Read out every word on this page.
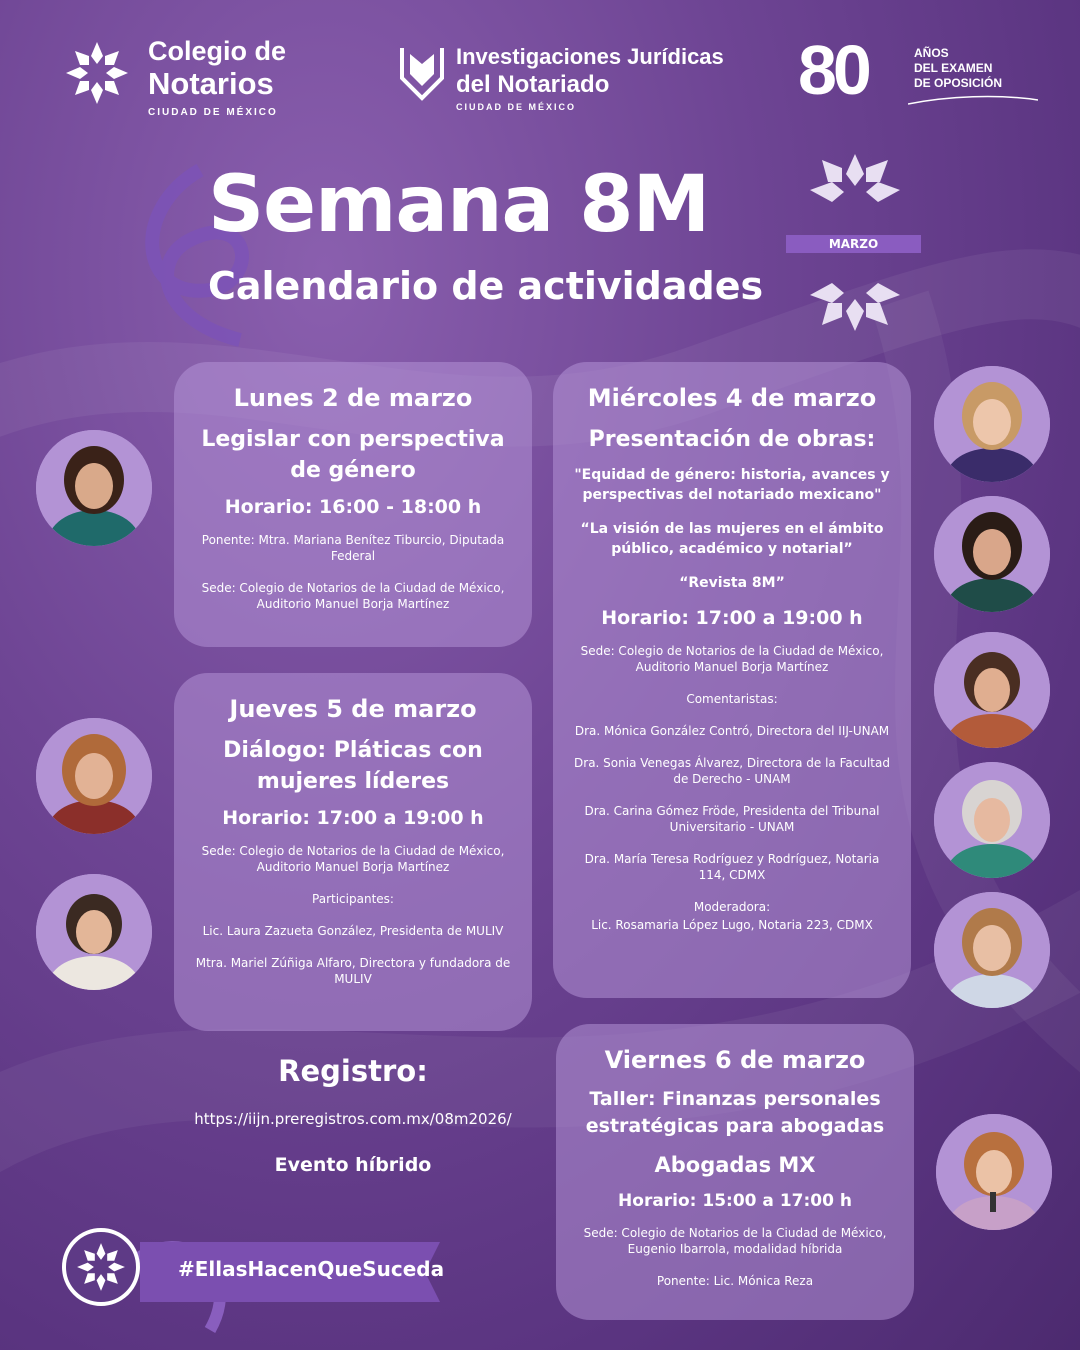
Colegio de
Notarios
CIUDAD DE MÉXICO
Investigaciones Jurídicas
del Notariado
CIUDAD DE MÉXICO	80	AÑOS
DEL EXAMEN
DE OPOSICIÓN
Semana 8M
Calendario de actividades
MARZO
Lunes 2 de marzo
Legislar con perspectiva de género
Horario: 16:00 - 18:00 h
Ponente: Mtra. Mariana Benítez Tiburcio, Diputada Federal
Sede: Colegio de Notarios de la Ciudad de México, Auditorio Manuel Borja Martínez
Jueves 5 de marzo
Diálogo: Pláticas con mujeres líderes
Horario: 17:00 a 19:00 h
Sede: Colegio de Notarios de la Ciudad de México, Auditorio Manuel Borja Martínez
Participantes:
Lic. Laura Zazueta González, Presidenta de MULIV
Mtra. Mariel Zúñiga Alfaro, Directora y fundadora de MULIV
Miércoles 4 de marzo
Presentación de obras:
"Equidad de género: historia, avances y perspectivas del notariado mexicano"
“La visión de las mujeres en el ámbito público, académico y notarial”
“Revista 8M”
Horario: 17:00 a 19:00 h
Sede: Colegio de Notarios de la Ciudad de México, Auditorio Manuel Borja Martínez
Comentaristas:
Dra. Mónica González Contró, Directora del IIJ-UNAM
Dra. Sonia Venegas Álvarez, Directora de la Facultad de Derecho - UNAM
Dra. Carina Gómez Fröde, Presidenta del Tribunal Universitario - UNAM
Dra. María Teresa Rodríguez y Rodríguez, Notaria 114, CDMX
Moderadora:
Lic. Rosamaria López Lugo, Notaria 223, CDMX
Viernes 6 de marzo
Taller: Finanzas personales estratégicas para abogadas
Abogadas MX
Horario: 15:00 a 17:00 h
Sede: Colegio de Notarios de la Ciudad de México, Eugenio Ibarrola, modalidad híbrida
Ponente: Lic. Mónica Reza
Registro:
https://iijn.preregistros.com.mx/08m2026/
Evento híbrido
#EllasHacenQueSuceda
